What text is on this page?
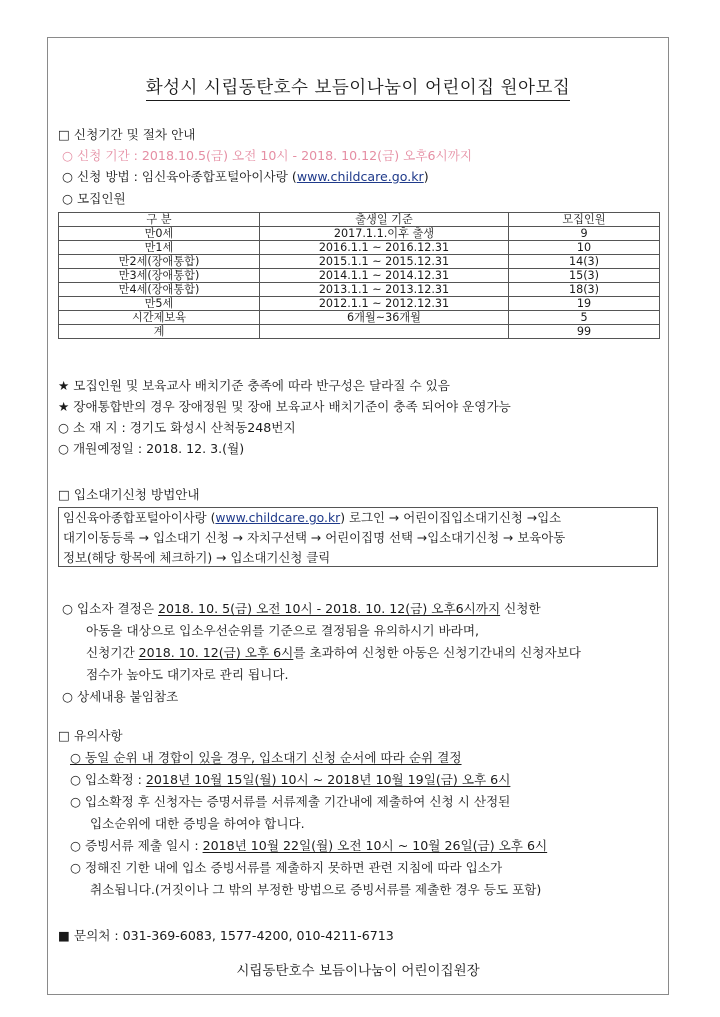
화성시 시립동탄호수 보듬이나눔이 어린이집 원아모집
□ 신청기간 및 절차 안내
○ 신청 기간 : 2018.10.5(금) 오전 10시 - 2018. 10.12(금) 오후6시까지
○ 신청 방법 : 임신육아종합포털아이사랑 (www.childcare.go.kr)
○ 모집인원
구 분	출생일 기준	모집인원
만0세	2017.1.1.이후 출생	9
만1세	2016.1.1 ~ 2016.12.31	10
만2세(장애통합)	2015.1.1 ~ 2015.12.31	14(3)
만3세(장애통합)	2014.1.1 ~ 2014.12.31	15(3)
만4세(장애통합)	2013.1.1 ~ 2013.12.31	18(3)
만5세	2012.1.1 ~ 2012.12.31	19
시간제보육	6개월~36개월	5
계		99
★ 모집인원 및 보육교사 배치기준 충족에 따라 반구성은 달라질 수 있음
★ 장애통합반의 경우 장애정원 및 장애 보육교사 배치기준이 충족 되어야 운영가능
○ 소 재 지 : 경기도 화성시 산척동248번지
○ 개원예정일 : 2018. 12. 3.(월)
□ 입소대기신청 방법안내
임신육아종합포털아이사랑 (www.childcare.go.kr) 로그인 → 어린이집입소대기신청 →입소
대기이동등록 → 입소대기 신청 → 자치구선택 → 어린이집명 선택 →입소대기신청 → 보육아동
정보(해당 항목에 체크하기) → 입소대기신청 클릭
○ 입소자 결정은 2018. 10. 5(금) 오전 10시 - 2018. 10. 12(금) 오후6시까지 신청한
아동을 대상으로 입소우선순위를 기준으로 결정됨을 유의하시기 바라며,
신청기간 2018. 10. 12(금) 오후 6시를 초과하여 신청한 아동은 신청기간내의 신청자보다
점수가 높아도 대기자로 관리 됩니다.
○ 상세내용 붙임참조
□ 유의사항
○ 동일 순위 내 경합이 있을 경우, 입소대기 신청 순서에 따라 순위 결정
○ 입소확정 : 2018년 10월 15일(월) 10시 ~ 2018년 10월 19일(금) 오후 6시
○ 입소확정 후 신청자는 증명서류를 서류제출 기간내에 제출하여 신청 시 산정된
입소순위에 대한 증빙을 하여야 합니다.
○ 증빙서류 제출 일시 : 2018년 10월 22일(월) 오전 10시 ~ 10월 26일(금) 오후 6시
○ 정해진 기한 내에 입소 증빙서류를 제출하지 못하면 관련 지침에 따라 입소가
취소됩니다.(거짓이나 그 밖의 부정한 방법으로 증빙서류를 제출한 경우 등도 포함)
■ 문의처 : 031-369-6083, 1577-4200, 010-4211-6713
시립동탄호수 보듬이나눔이 어린이집원장
